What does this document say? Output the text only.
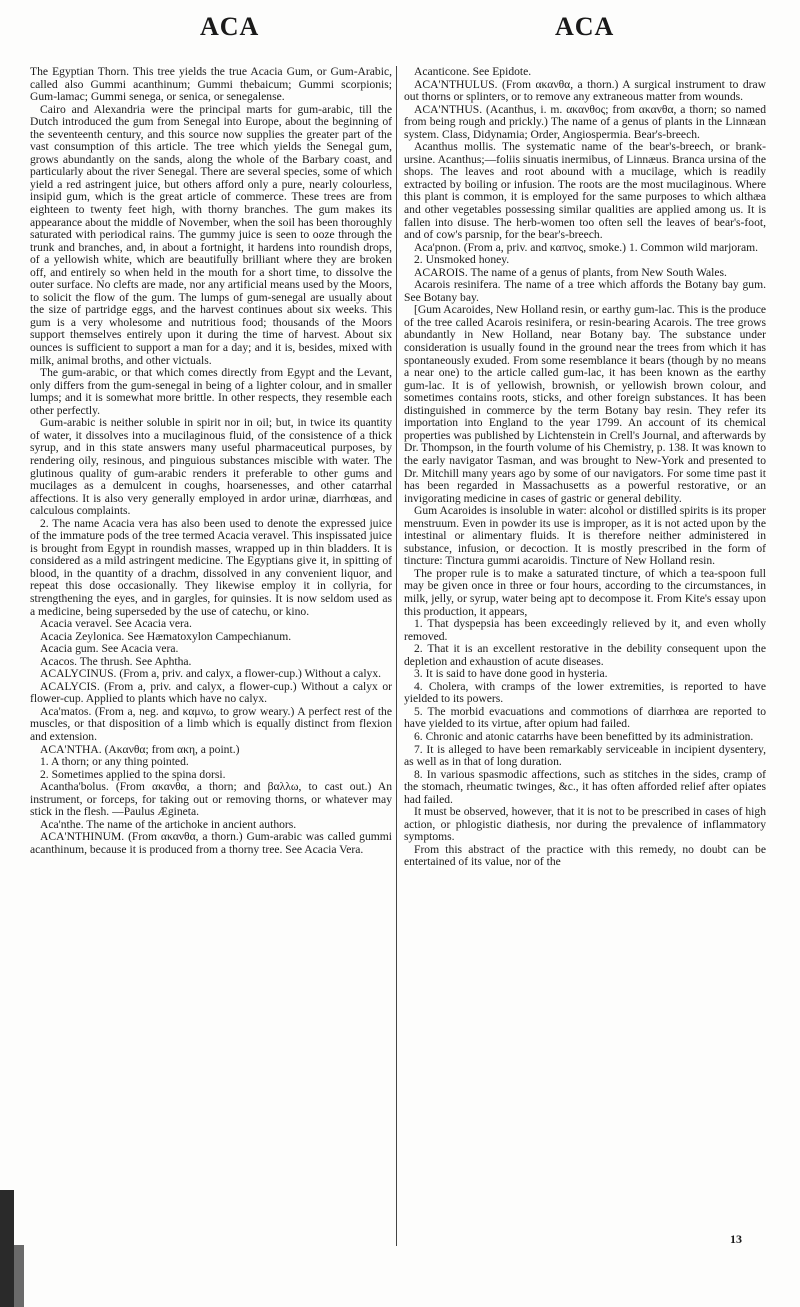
ACA	ACA

The Egyptian Thorn. This tree yields the true Acacia Gum, or Gum-Arabic, called also Gummi acanthinum; Gummi thebaicum; Gummi scorpionis; Gum-lamac; Gummi senega, or senica, or senegalense.

Cairo and Alexandria were the principal marts for gum-arabic, till the Dutch introduced the gum from Senegal into Europe, about the beginning of the seventeenth century, and this source now supplies the greater part of the vast consumption of this article. The tree which yields the Senegal gum, grows abundantly on the sands, along the whole of the Barbary coast, and particularly about the river Senegal. There are several species, some of which yield a red astringent juice, but others afford only a pure, nearly colourless, insipid gum, which is the great article of commerce. These trees are from eighteen to twenty feet high, with thorny branches. The gum makes its appearance about the middle of November, when the soil has been thoroughly saturated with periodical rains. The gummy juice is seen to ooze through the trunk and branches, and, in about a fortnight, it hardens into roundish drops, of a yellowish white, which are beautifully brilliant where they are broken off, and entirely so when held in the mouth for a short time, to dissolve the outer surface. No clefts are made, nor any artificial means used by the Moors, to solicit the flow of the gum. The lumps of gum-senegal are usually about the size of partridge eggs, and the harvest continues about six weeks. This gum is a very wholesome and nutritious food; thousands of the Moors support themselves entirely upon it during the time of harvest. About six ounces is sufficient to support a man for a day; and it is, besides, mixed with milk, animal broths, and other victuals.

The gum-arabic, or that which comes directly from Egypt and the Levant, only differs from the gum-senegal in being of a lighter colour, and in smaller lumps; and it is somewhat more brittle. In other respects, they resemble each other perfectly.

Gum-arabic is neither soluble in spirit nor in oil; but, in twice its quantity of water, it dissolves into a mucilaginous fluid, of the consistence of a thick syrup, and in this state answers many useful pharmaceutical purposes, by rendering oily, resinous, and pinguious substances miscible with water. The glutinous quality of gum-arabic renders it preferable to other gums and mucilages as a demulcent in coughs, hoarsenesses, and other catarrhal affections. It is also very generally employed in ardor urinæ, diarrhœas, and calculous complaints.

2. The name Acacia vera has also been used to denote the expressed juice of the immature pods of the tree termed Acacia veravel. This inspissated juice is brought from Egypt in roundish masses, wrapped up in thin bladders. It is considered as a mild astringent medicine. The Egyptians give it, in spitting of blood, in the quantity of a drachm, dissolved in any convenient liquor, and repeat this dose occasionally. They likewise employ it in collyria, for strengthening the eyes, and in gargles, for quinsies. It is now seldom used as a medicine, being superseded by the use of catechu, or kino.

Acacia veravel. See Acacia vera.

Acacia Zeylonica. See Hæmatoxylon Campechianum.

Acacia gum. See Acacia vera.

Acacos. The thrush. See Aphtha.

ACALYCINUS. (From a, priv. and calyx, a flower-cup.) Without a calyx.

ACALYCIS. (From a, priv. and calyx, a flower-cup.) Without a calyx or flower-cup. Applied to plants which have no calyx.

Aca'matos. (From a, neg. and καμνω, to grow weary.) A perfect rest of the muscles, or that disposition of a limb which is equally distinct from flexion and extension.

ACA'NTHA. (Ακανθα; from ακη, a point.)

1. A thorn; or any thing pointed.

2. Sometimes applied to the spina dorsi.

Acantha'bolus. (From ακανθα, a thorn; and βαλλω, to cast out.) An instrument, or forceps, for taking out or removing thorns, or whatever may stick in the flesh. —Paulus Ægineta.

Aca'nthe. The name of the artichoke in ancient authors.

ACA'NTHINUM. (From ακανθα, a thorn.) Gum-arabic was called gummi acanthinum, because it is produced from a thorny tree. See Acacia Vera.

Acanticone. See Epidote.

ACA'NTHULUS. (From ακανθα, a thorn.) A surgical instrument to draw out thorns or splinters, or to remove any extraneous matter from wounds.

ACA'NTHUS. (Acanthus, i. m. ακανθος; from ακανθα, a thorn; so named from being rough and prickly.) The name of a genus of plants in the Linnæan system. Class, Didynamia; Order, Angiospermia. Bear's-breech.

Acanthus mollis. The systematic name of the bear's-breech, or brank-ursine. Acanthus;—foliis sinuatis inermibus, of Linnæus. Branca ursina of the shops. The leaves and root abound with a mucilage, which is readily extracted by boiling or infusion. The roots are the most mucilaginous. Where this plant is common, it is employed for the same purposes to which althæa and other vegetables possessing similar qualities are applied among us. It is fallen into disuse. The herb-women too often sell the leaves of bear's-foot, and of cow's parsnip, for the bear's-breech.

Aca'pnon. (From a, priv. and καπνος, smoke.) 1. Common wild marjoram.

2. Unsmoked honey.

ACAROIS. The name of a genus of plants, from New South Wales.

Acarois resinifera. The name of a tree which affords the Botany bay gum. See Botany bay.

[Gum Acaroides, New Holland resin, or earthy gum-lac. This is the produce of the tree called Acarois resinifera, or resin-bearing Acarois. The tree grows abundantly in New Holland, near Botany bay. The substance under consideration is usually found in the ground near the trees from which it has spontaneously exuded. From some resemblance it bears (though by no means a near one) to the article called gum-lac, it has been known as the earthy gum-lac. It is of yellowish, brownish, or yellowish brown colour, and sometimes contains roots, sticks, and other foreign substances. It has been distinguished in commerce by the term Botany bay resin. They refer its importation into England to the year 1799. An account of its chemical properties was published by Lichtenstein in Crell's Journal, and afterwards by Dr. Thompson, in the fourth volume of his Chemistry, p. 138. It was known to the early navigator Tasman, and was brought to New-York and presented to Dr. Mitchill many years ago by some of our navigators. For some time past it has been regarded in Massachusetts as a powerful restorative, or an invigorating medicine in cases of gastric or general debility.

Gum Acaroides is insoluble in water: alcohol or distilled spirits is its proper menstruum. Even in powder its use is improper, as it is not acted upon by the intestinal or alimentary fluids. It is therefore neither administered in substance, infusion, or decoction. It is mostly prescribed in the form of tincture: Tinctura gummi acaroidis. Tincture of New Holland resin.

The proper rule is to make a saturated tincture, of which a tea-spoon full may be given once in three or four hours, according to the circumstances, in milk, jelly, or syrup, water being apt to decompose it. From Kite's essay upon this production, it appears,

1. That dyspepsia has been exceedingly relieved by it, and even wholly removed.

2. That it is an excellent restorative in the debility consequent upon the depletion and exhaustion of acute diseases.

3. It is said to have done good in hysteria.

4. Cholera, with cramps of the lower extremities, is reported to have yielded to its powers.

5. The morbid evacuations and commotions of diarrhœa are reported to have yielded to its virtue, after opium had failed.

6. Chronic and atonic catarrhs have been benefitted by its administration.

7. It is alleged to have been remarkably serviceable in incipient dysentery, as well as in that of long duration.

8. In various spasmodic affections, such as stitches in the sides, cramp of the stomach, rheumatic twinges, &c., it has often afforded relief after opiates had failed.

It must be observed, however, that it is not to be prescribed in cases of high action, or phlogistic diathesis, nor during the prevalence of inflammatory symptoms.

From this abstract of the practice with this remedy, no doubt can be entertained of its value, nor of the

13
